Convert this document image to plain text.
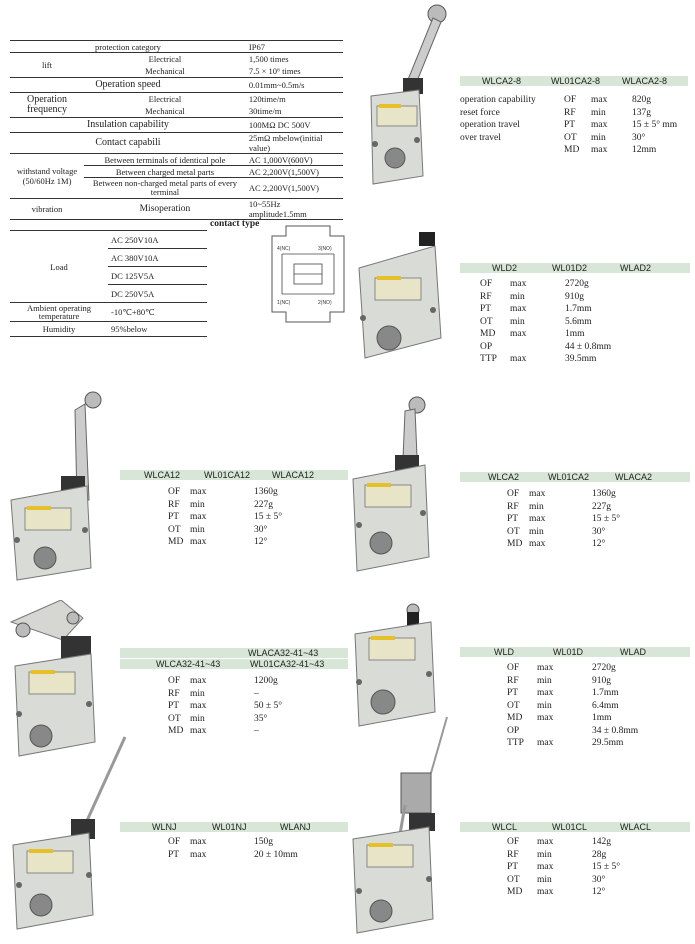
protection category		IP67
lift	Electrical	1,500 times
	Mechanical	7.5 × 10⁶ times
Operation speed		0.01mm~0.5m/s
Operation frequency	Electrical	120time/m
	Mechanical	30time/m
Insulation capability		100MΩ DC 500V
Contact capabili		25mΩ mbelow(initial value)
withstand voltage (50/60Hz 1M)	Between terminals of identical pole	AC 1,000V(600V)
	Between charged metal parts	AC 2,200V(1,500V)
	Between non-charged metal parts of every terminal	AC 2,200V(1,500V)
vibration	Misoperation	10~55Hz amplitude1.5mm
Load	AC 250V10A
	AC 380V10A
	DC 125V5A
	DC 250V5A
Ambient operating temperature	-10℃+80℃
Humidity	95%below
contact type
4(NC)	3(NO)
1(NC)	2(NO)
WLCA2-8	WL01CA2-8 WLACA2-8
operation capability	OF max	820g
reset force	RF min	137g
operation travel	PT max	15 ± 5° mm
over travel	OT min	30°
MD max	12mm
WLD2	WL01D2	WLAD2
OF max	2720g
RF min	910g
PT max	1.7mm
OT min	5.6mm
MD max	1mm
OP	44 ± 0.8mm
TTP max	39.5mm
WLCA12	WL01CA12 WLACA12
OF max	1360g
RF min	227g
PT max	15 ± 5°
OT min	30°
MD max	12°
WLCA2	WL01CA2	WLACA2
OF max	1360g
RF min	227g
PT max	15 ± 5°
OT min	30°
MD max	12°
WLACA32-41~43
WLCA32-41~43	WL01CA32-41~43
OF max	1200g
RF min	–
PT max	50 ± 5°
OT min	35°
MD max	–
WLD	WL01D	WLAD
OF max	2720g
RF min	910g
PT max	1.7mm
OT min	6.4mm
MD max	1mm
OP	34 ± 0.8mm
TTP max	29.5mm
WLNJ	WL01NJ	WLANJ
OF max	150g
PT max	20 ± 10mm
WLCL	WL01CL	WLACL
OF max	142g
RF min	28g
PT max	15 ± 5°
OT min	30°
MD max	12°
